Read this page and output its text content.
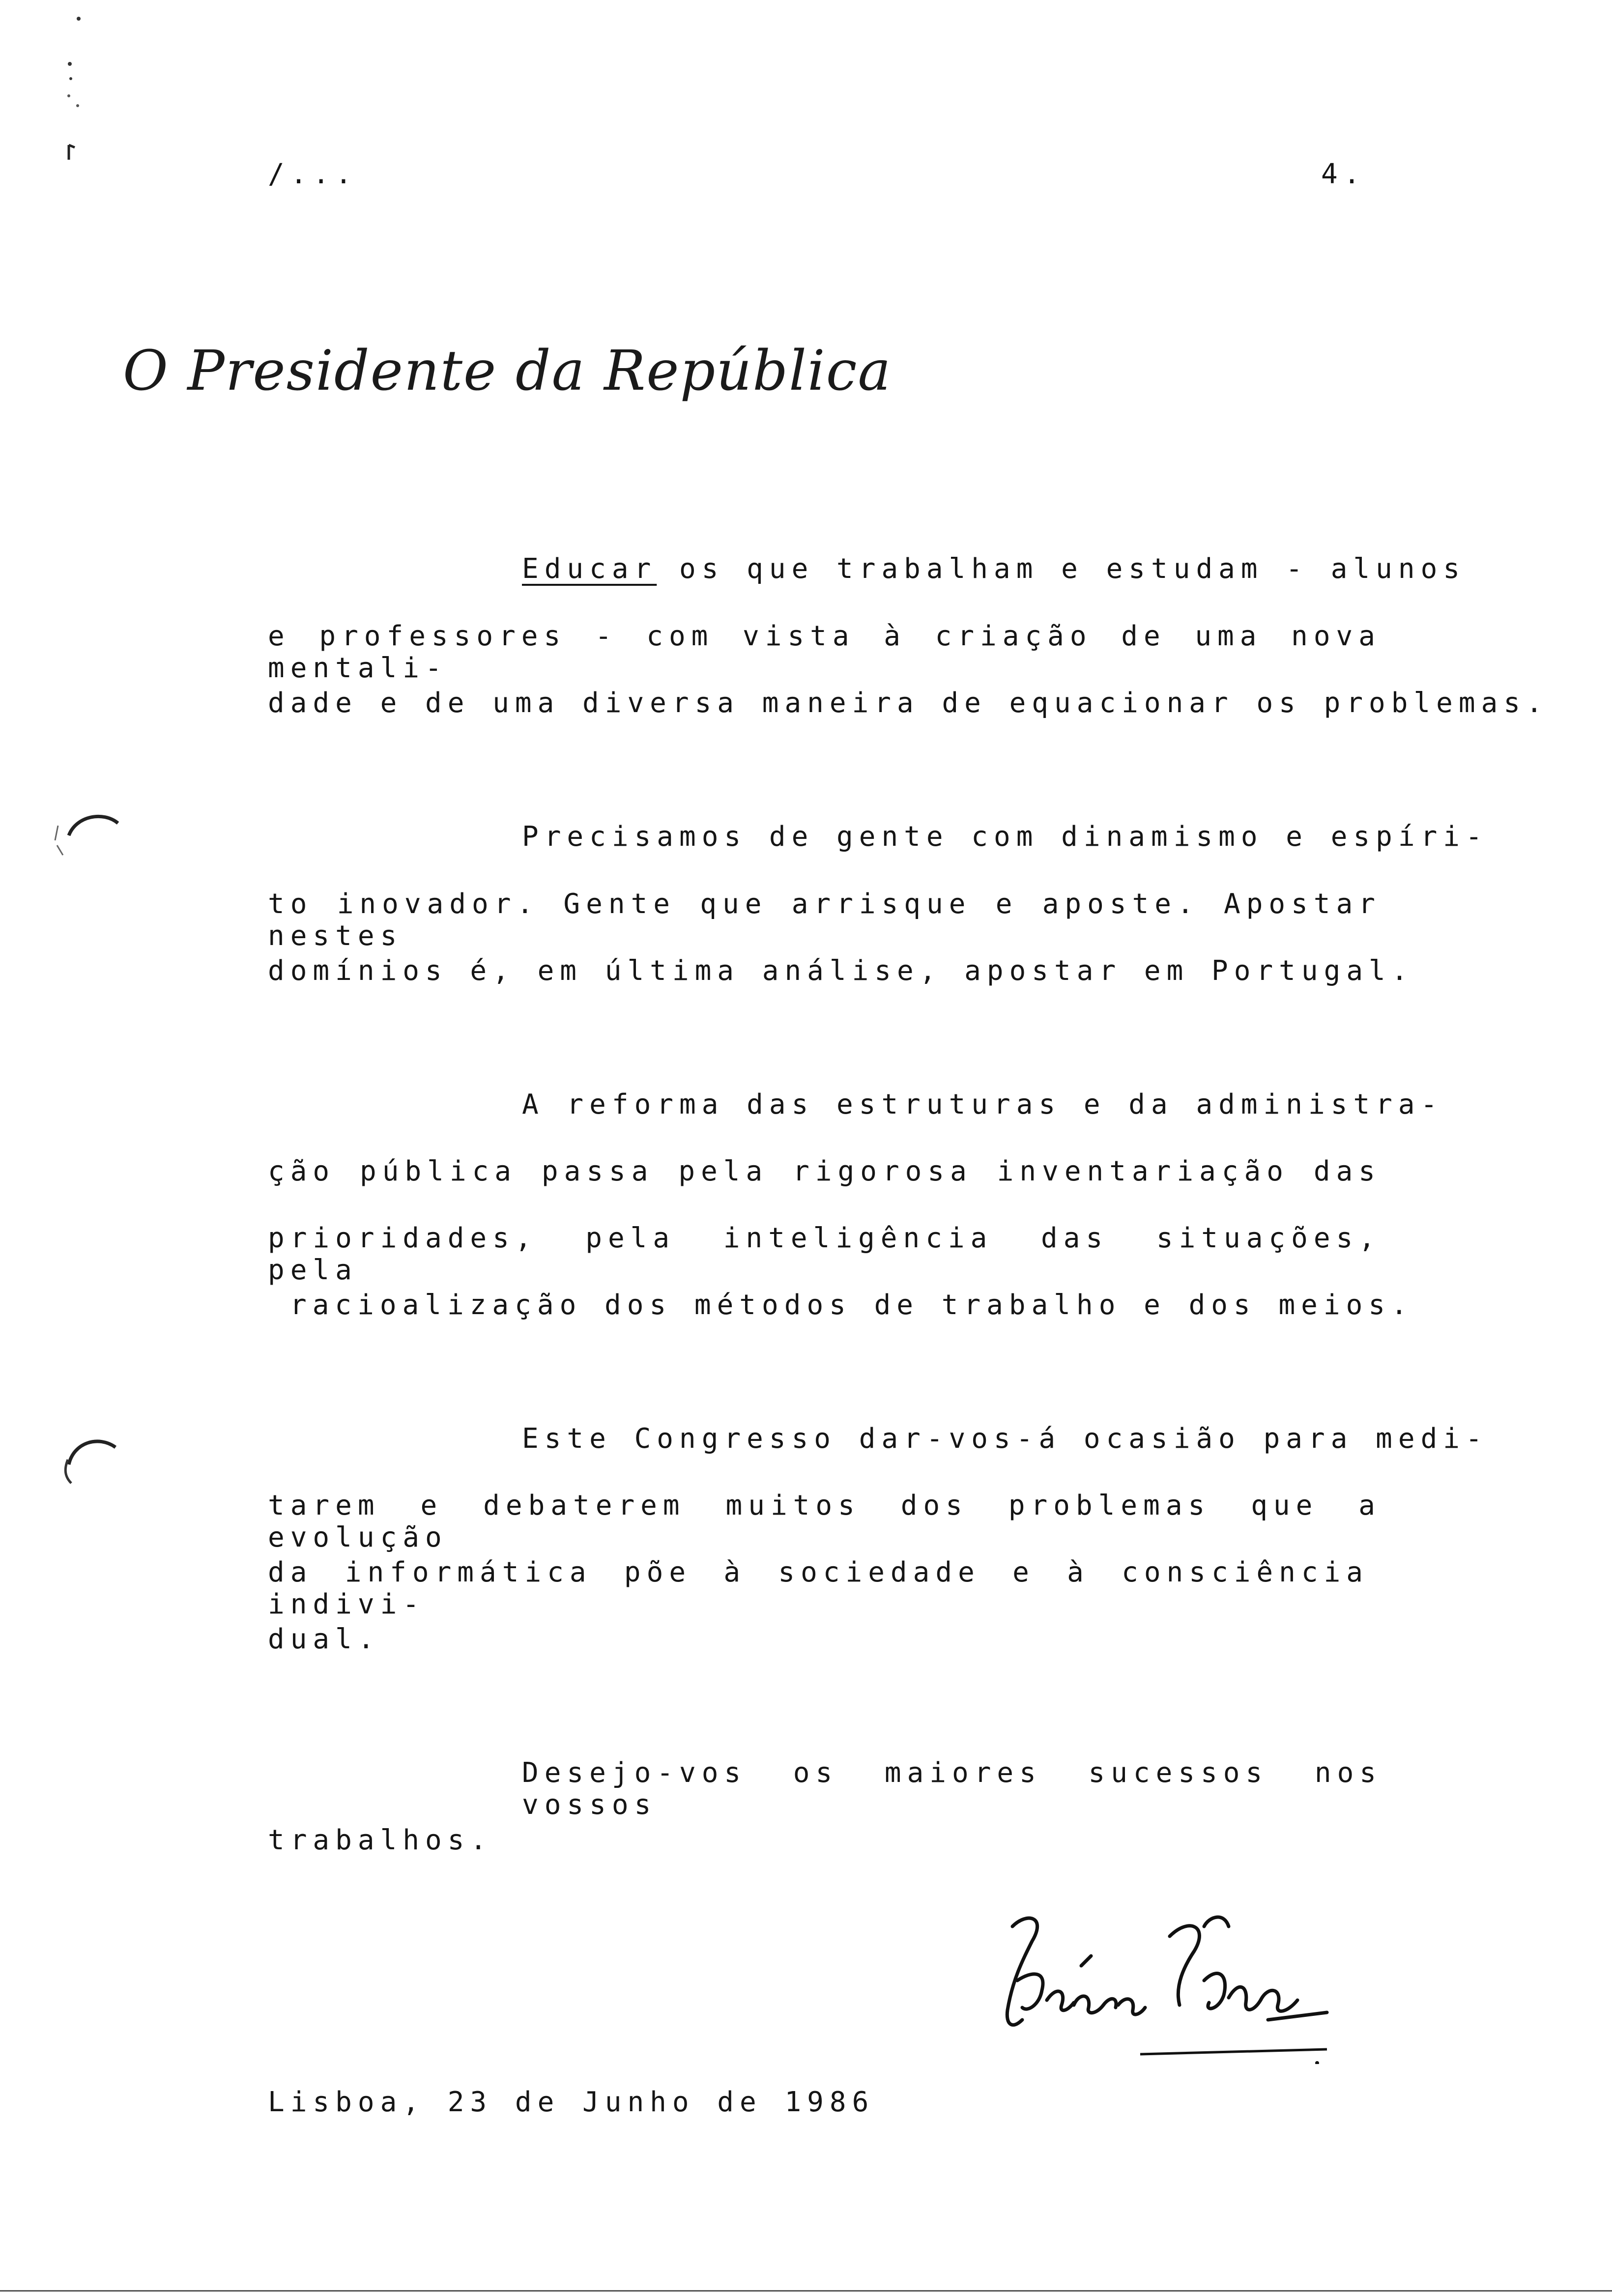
/...	4.
O Presidente da República
Educar os que trabalham e estudam - alunos
e professores - com vista à criação de uma nova mentali-
dade e de uma diversa maneira de equacionar os problemas.
Precisamos de gente com dinamismo e espíri-
to inovador. Gente que arrisque e aposte. Apostar nestes
domínios é, em última análise, apostar em Portugal.
A reforma das estruturas e da administra-
ção pública passa pela rigorosa inventariação das
prioridades, pela inteligência das situações, pela
racioalização dos métodos de trabalho e dos meios.
Este Congresso dar-vos-á ocasião para medi-
tarem e debaterem muitos dos problemas que a evolução
da informática põe à sociedade e à consciência indivi-
dual.
Desejo-vos os maiores sucessos nos vossos
trabalhos.
Lisboa, 23 de Junho de 1986
